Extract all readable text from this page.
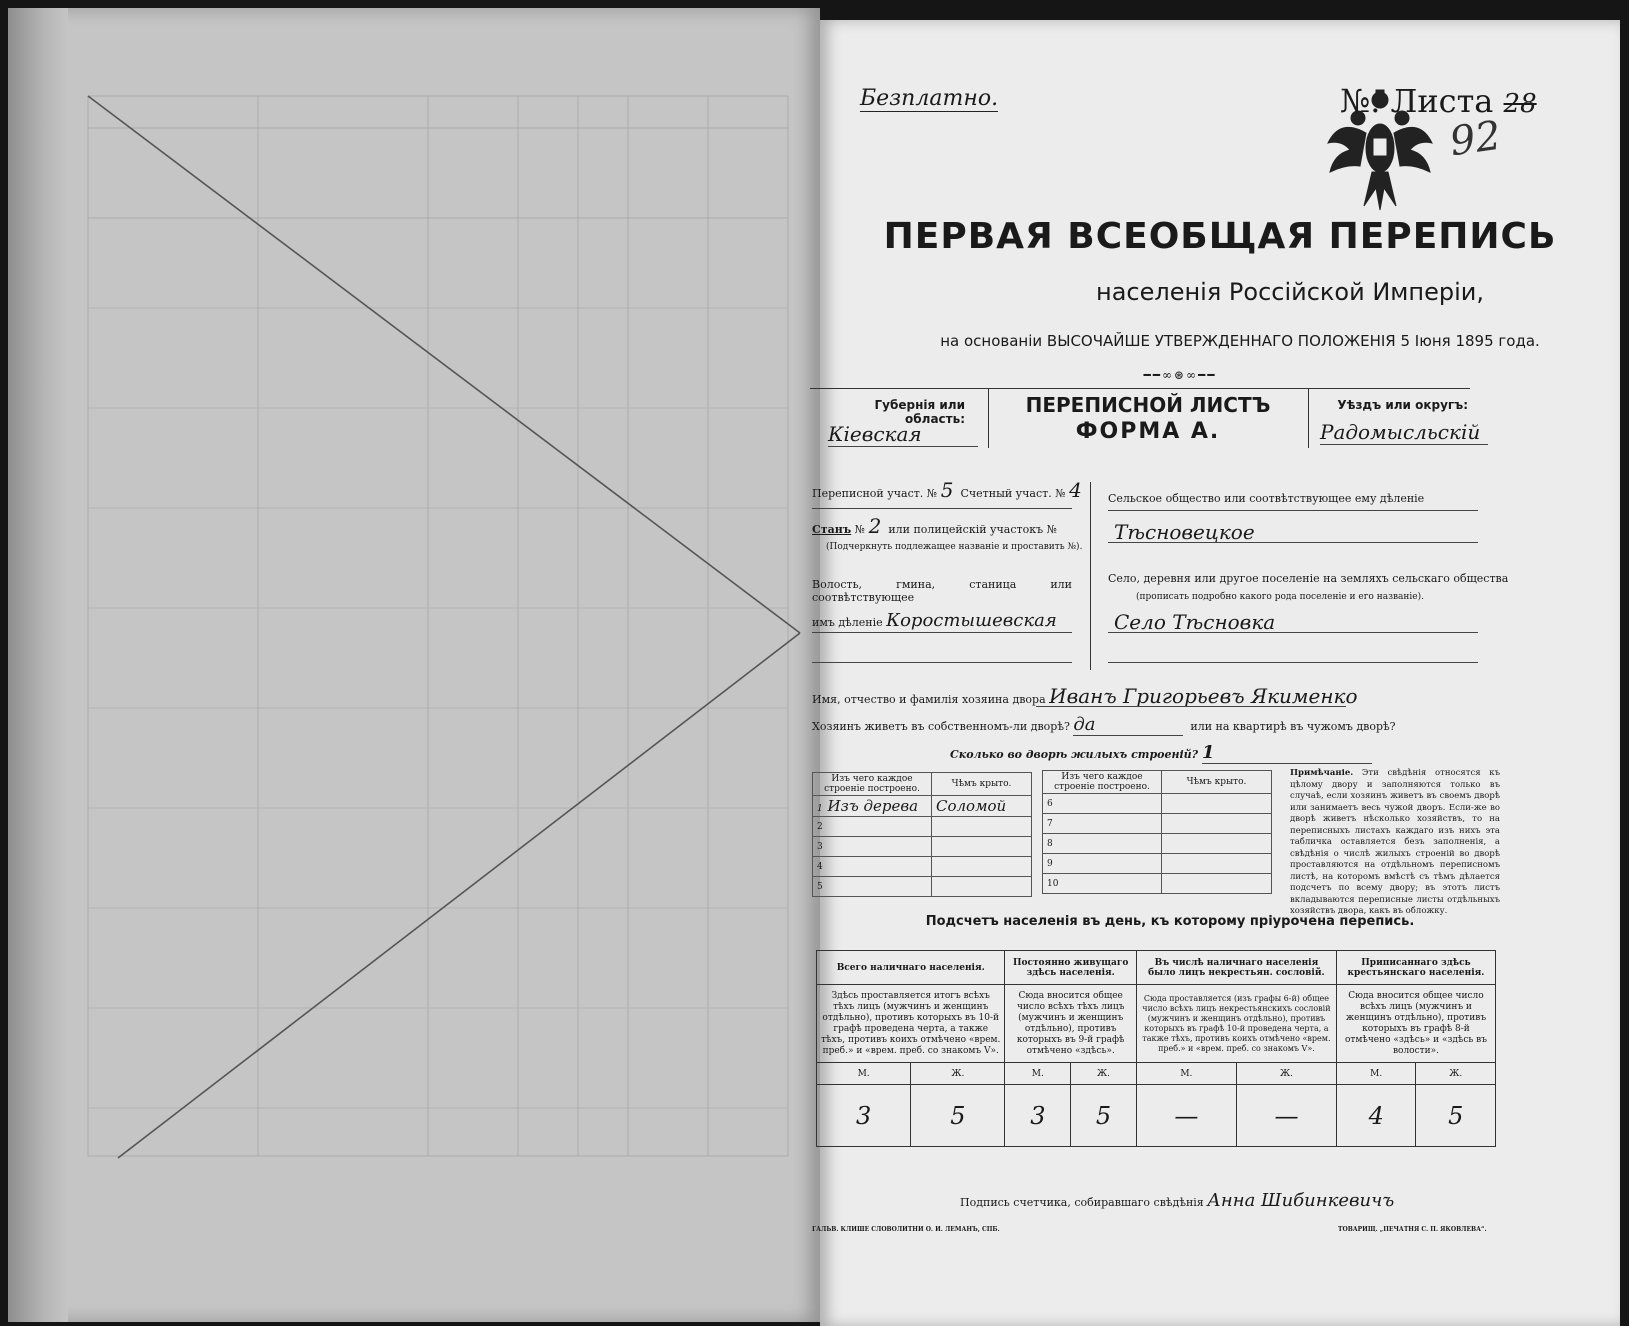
Безплатно.	№. Листа 28
92
ПЕРВАЯ ВСЕОБЩАЯ ПЕРЕПИСЬ
населенія Россійской Имперіи,
на основаніи ВЫСОЧАЙШЕ УТВЕРЖДЕННАГО ПОЛОЖЕНІЯ 5 Іюня 1895 года.
━━∞⊛∞━━
Губернія или область:
Кіевская
ПЕРЕПИСНОЙ ЛИСТЪ
ФОРМА А.
Уѣздъ или округъ:
Радомысльскій
Переписной участ. № 5 Счетный участ. № 4
Станъ № 2 или полицейскій участокъ №
(Подчеркнуть подлежащее названіе и проставить №).
Волость, гмина, станица или соотвѣтствующее
имъ дѣленіе Коростышевская
Сельское общество или соотвѣтствующее ему дѣленіе
Тѣсновецкое
Село, деревня или другое поселеніе на земляхъ сельскаго общества
(прописать подробно какого рода поселеніе и его названіе).
Село Тѣсновка
Имя, отчество и фамилія хозяина двора Иванъ Григорьевъ Якименко
Хозяинъ живетъ въ собственномъ-ли дворѣ? да	или на квартирѣ въ чужомъ дворѣ?
Сколько во дворѣ жилыхъ строеній? 1
Изъ чего каждое строеніе построено.	Чѣмъ крыто.
1 Изъ дерева	Соломой
2	
3	
4	
5	
Изъ чего каждое строеніе построено.	Чѣмъ крыто.
6	
7	
8	
9	
10	
Примѣчаніе. Эти свѣдѣнія относятся къ цѣлому двору и заполняются только въ случаѣ, если хозяинъ живетъ въ своемъ дворѣ или занимаетъ весь чужой дворъ. Если-же во дворѣ живетъ нѣсколько хозяйствъ, то на переписныхъ листахъ каждаго изъ нихъ эта табличка оставляется безъ заполненія, а свѣдѣнія о числѣ жилыхъ строеній во дворѣ проставляются на отдѣльномъ переписномъ листѣ, на которомъ вмѣстѣ съ тѣмъ дѣлается подсчетъ по всему двору; въ этотъ листъ вкладываются переписные листы отдѣльныхъ хозяйствъ двора, какъ въ обложку.
Подсчетъ населенія въ день, къ которому пріурочена перепись.
Всего наличнаго населенія.		Постоянно живущаго здѣсь населенія.		Въ числѣ наличнаго населенія было лицъ некрестьян. сословій.		Приписаннаго здѣсь крестьянскаго населенія.	
Здѣсь проставляется итогъ всѣхъ тѣхъ лицъ (мужчинъ и женщинъ отдѣльно), противъ которыхъ въ 10-й графѣ проведена черта, а также тѣхъ, противъ коихъ отмѣчено «врем. преб.» и «врем. преб. со знакомъ V».		Сюда вносится общее число всѣхъ тѣхъ лицъ (мужчинъ и женщинъ отдѣльно), противъ которыхъ въ 9-й графѣ отмѣчено «здѣсь».		Сюда проставляется (изъ графы 6-й) общее число всѣхъ лицъ некрестьянскихъ сословій (мужчинъ и женщинъ отдѣльно), противъ которыхъ въ графѣ 10-й проведена черта, а также тѣхъ, противъ коихъ отмѣчено «врем. преб.» и «врем. преб. со знакомъ V».		Сюда вносится общее число всѣхъ лицъ (мужчинъ и женщинъ отдѣльно), противъ которыхъ въ графѣ 8-й отмѣчено «здѣсь» и «здѣсь въ волости».	
М.	Ж.	М.	Ж.	М.	Ж.	М.	Ж.
3	5	3	5	—	—	4	5
Подпись счетчика, собиравшаго свѣдѣнія Анна Шибинкевичъ
ГАЛЬВ. КЛИШЕ СЛОВОЛИТНИ О. И. ЛЕМАНЪ, СПБ.	ТОВАРИЩ. „ПЕЧАТНЯ С. П. ЯКОВЛЕВА“.
